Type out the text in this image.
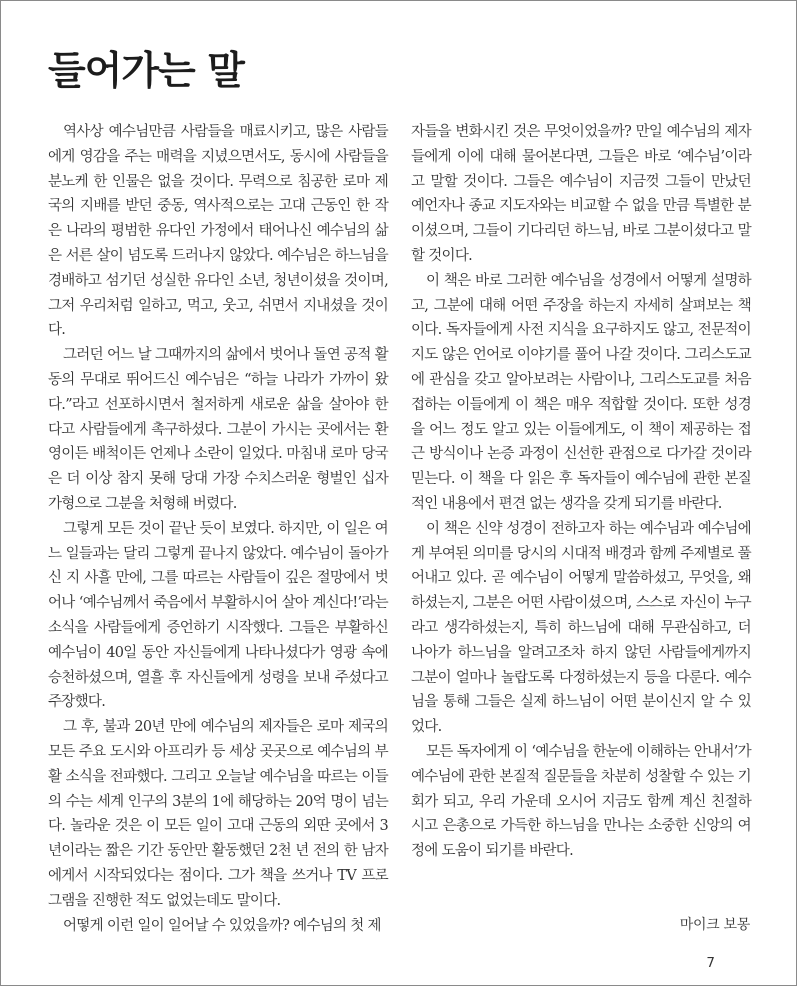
들어가는 말

역사상 예수님만큼 사람들을 매료시키고, 많은 사람들에게 영감을 주는 매력을 지녔으면서도, 동시에 사람들을 분노케 한 인물은 없을 것이다. 무력으로 침공한 로마 제국의 지배를 받던 중동, 역사적으로는 고대 근동인 한 작은 나라의 평범한 유다인 가정에서 태어나신 예수님의 삶은 서른 살이 넘도록 드러나지 않았다. 예수님은 하느님을 경배하고 섬기던 성실한 유다인 소년, 청년이셨을 것이며, 그저 우리처럼 일하고, 먹고, 웃고, 쉬면서 지내셨을 것이다.

그러던 어느 날 그때까지의 삶에서 벗어나 돌연 공적 활동의 무대로 뛰어드신 예수님은 “하늘 나라가 가까이 왔다.”라고 선포하시면서 철저하게 새로운 삶을 살아야 한다고 사람들에게 촉구하셨다. 그분이 가시는 곳에서는 환영이든 배척이든 언제나 소란이 일었다. 마침내 로마 당국은 더 이상 참지 못해 당대 가장 수치스러운 형벌인 십자가형으로 그분을 처형해 버렸다.

그렇게 모든 것이 끝난 듯이 보였다. 하지만, 이 일은 여느 일들과는 달리 그렇게 끝나지 않았다. 예수님이 돌아가신 지 사흘 만에, 그를 따르는 사람들이 깊은 절망에서 벗어나 ‘예수님께서 죽음에서 부활하시어 살아 계신다!’라는 소식을 사람들에게 증언하기 시작했다. 그들은 부활하신 예수님이 40일 동안 자신들에게 나타나셨다가 영광 속에 승천하셨으며, 열흘 후 자신들에게 성령을 보내 주셨다고 주장했다.

그 후, 불과 20년 만에 예수님의 제자들은 로마 제국의 모든 주요 도시와 아프리카 등 세상 곳곳으로 예수님의 부활 소식을 전파했다. 그리고 오늘날 예수님을 따르는 이들의 수는 세계 인구의 3분의 1에 해당하는 20억 명이 넘는다. 놀라운 것은 이 모든 일이 고대 근동의 외딴 곳에서 3년이라는 짧은 기간 동안만 활동했던 2천 년 전의 한 남자에게서 시작되었다는 점이다. 그가 책을 쓰거나 TV 프로그램을 진행한 적도 없었는데도 말이다.

어떻게 이런 일이 일어날 수 있었을까? 예수님의 첫 제

자들을 변화시킨 것은 무엇이었을까? 만일 예수님의 제자들에게 이에 대해 물어본다면, 그들은 바로 ‘예수님’이라고 말할 것이다. 그들은 예수님이 지금껏 그들이 만났던 예언자나 종교 지도자와는 비교할 수 없을 만큼 특별한 분이셨으며, 그들이 기다리던 하느님, 바로 그분이셨다고 말할 것이다.

이 책은 바로 그러한 예수님을 성경에서 어떻게 설명하고, 그분에 대해 어떤 주장을 하는지 자세히 살펴보는 책이다. 독자들에게 사전 지식을 요구하지도 않고, 전문적이지도 않은 언어로 이야기를 풀어 나갈 것이다. 그리스도교에 관심을 갖고 알아보려는 사람이나, 그리스도교를 처음 접하는 이들에게 이 책은 매우 적합할 것이다. 또한 성경을 어느 정도 알고 있는 이들에게도, 이 책이 제공하는 접근 방식이나 논증 과정이 신선한 관점으로 다가갈 것이라 믿는다. 이 책을 다 읽은 후 독자들이 예수님에 관한 본질적인 내용에서 편견 없는 생각을 갖게 되기를 바란다.

이 책은 신약 성경이 전하고자 하는 예수님과 예수님에게 부여된 의미를 당시의 시대적 배경과 함께 주제별로 풀어내고 있다. 곧 예수님이 어떻게 말씀하셨고, 무엇을, 왜 하셨는지, 그분은 어떤 사람이셨으며, 스스로 자신이 누구라고 생각하셨는지, 특히 하느님에 대해 무관심하고, 더 나아가 하느님을 알려고조차 하지 않던 사람들에게까지 그분이 얼마나 놀랍도록 다정하셨는지 등을 다룬다. 예수님을 통해 그들은 실제 하느님이 어떤 분이신지 알 수 있었다.

모든 독자에게 이 ‘예수님을 한눈에 이해하는 안내서’가 예수님에 관한 본질적 질문들을 차분히 성찰할 수 있는 기회가 되고, 우리 가운데 오시어 지금도 함께 계신 친절하시고 은총으로 가득한 하느님을 만나는 소중한 신앙의 여정에 도움이 되기를 바란다.

마이크 보몽

7
